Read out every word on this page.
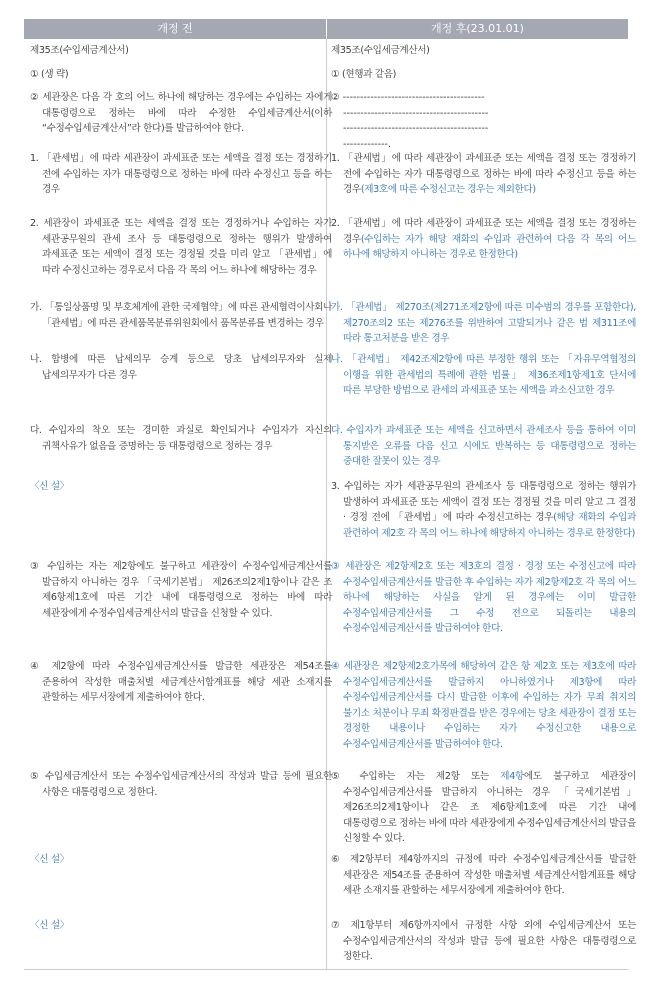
개정 전	개정 후(23.01.01)
제35조(수입세금계산서)
① (생 략)
② 세관장은 다음 각 호의 어느 하나에 해당하는 경우에는 수입하는 자에게 대통령령으로 정하는 바에 따라 수정한 수입세금계산서(이하 “수정수입세금계산서”라 한다)를 발급하여야 한다.
1. 「관세법」에 따라 세관장이 과세표준 또는 세액을 결정 또는 경정하기 전에 수입하는 자가 대통령령으로 정하는 바에 따라 수정신고 등을 하는 경우
2. 세관장이 과세표준 또는 세액을 결정 또는 경정하거나 수입하는 자가 세관공무원의 관세 조사 등 대통령령으로 정하는 행위가 발생하여 과세표준 또는 세액이 결정 또는 경정될 것을 미리 알고 「관세법」에 따라 수정신고하는 경우로서 다음 각 목의 어느 하나에 해당하는 경우
가. 「통일상품명 및 부호체계에 관한 국제협약」에 따른 관세협력이사회나 「관세법」에 따른 관세품목분류위원회에서 품목분류를 변경하는 경우
나. 합병에 따른 납세의무 승계 등으로 당초 납세의무자와 실제 납세의무자가 다른 경우
다. 수입자의 착오 또는 경미한 과실로 확인되거나 수입자가 자신의 귀책사유가 없음을 증명하는 등 대통령령으로 정하는 경우
〈신 설〉
③ 수입하는 자는 제2항에도 불구하고 세관장이 수정수입세금계산서를 발급하지 아니하는 경우 「국세기본법」 제26조의2제1항이나 같은 조 제6항제1호에 따른 기간 내에 대통령령으로 정하는 바에 따라 세관장에게 수정수입세금계산서의 발급을 신청할 수 있다.
④ 제2항에 따라 수정수입세금계산서를 발급한 세관장은 제54조를 준용하여 작성한 매출처별 세금계산서합계표를 해당 세관 소재지를 관할하는 세무서장에게 제출하여야 한다.
⑤ 수입세금계산서 또는 수정수입세금계산서의 작성과 발급 등에 필요한 사항은 대통령령으로 정한다.
〈신 설〉
〈신 설〉
제35조(수입세금계산서)
① (현행과 같음)
② -----------------------------------------
------------------------------------------
------------------------------------------
-------------.
1. 「관세법」에 따라 세관장이 과세표준 또는 세액을 결정 또는 경정하기 전에 수입하는 자가 대통령령으로 정하는 바에 따라 수정신고 등을 하는 경우(제3호에 따른 수정신고는 경우는 제외한다)
2. 「관세법」에 따라 세관장이 과세표준 또는 세액을 결정 또는 경정하는 경우(수입하는 자가 해당 재화의 수입과 관련하여 다음 각 목의 어느 하나에 해당하지 아니하는 경우로 한정한다)
가. 「관세법」 제270조(제271조제2항에 따른 미수범의 경우를 포함한다), 제270조의2 또는 제276조를 위반하여 고발되거나 같은 법 제311조에 따라 통고처분을 받은 경우
나. 「관세법」 제42조제2항에 따른 부정한 행위 또는 「자유무역협정의 이행을 위한 관세법의 특례에 관한 법률」 제36조제1항제1호 단서에 따른 부당한 방법으로 관세의 과세표준 또는 세액을 과소신고한 경우
다. 수입자가 과세표준 또는 세액을 신고하면서 관세조사 등을 통하여 이미 통지받은 오류를 다음 신고 시에도 반복하는 등 대통령령으로 정하는 중대한 잘못이 있는 경우
3. 수입하는 자가 세관공무원의 관세조사 등 대통령령으로 정하는 행위가 발생하여 과세표준 또는 세액이 결정 또는 경정될 것을 미리 알고 그 결정 · 경정 전에 「관세법」에 따라 수정신고하는 경우(해당 재화의 수입과 관련하여 제2호 각 목의 어느 하나에 해당하지 아니하는 경우로 한정한다)
③ 세관장은 제2항제2호 또는 제3호의 결정 · 경정 또는 수정신고에 따라 수정수입세금계산서를 발급한 후 수입하는 자가 제2항제2호 각 목의 어느 하나에 해당하는 사실을 알게 된 경우에는 이미 발급한 수정수입세금계산서를 그 수정 전으로 되돌리는 내용의 수정수입세금계산서를 발급하여야 한다.
④ 세관장은 제2항제2호가목에 해당하여 같은 항 제2호 또는 제3호에 따라 수정수입세금계산서를 발급하지 아니하였거나 제3항에 따라 수정수입세금계산서를 다시 발급한 이후에 수입하는 자가 무죄 취지의 불기소 처분이나 무죄 확정판결을 받은 경우에는 당초 세관장이 결정 또는 경정한 내용이나 수입하는 자가 수정신고한 내용으로 수정수입세금계산서를 발급하여야 한다.
⑤ 수입하는 자는 제2항 또는 제4항에도 불구하고 세관장이 수정수입세금계산서를 발급하지 아니하는 경우 「국세기본법」 제26조의2제1항이나 같은 조 제6항제1호에 따른 기간 내에 대통령령으로 정하는 바에 따라 세관장에게 수정수입세금계산서의 발급을 신청할 수 있다.
⑥ 제2항부터 제4항까지의 규정에 따라 수정수입세금계산서를 발급한 세관장은 제54조를 준용하여 작성한 매출처별 세금계산서합계표를 해당 세관 소재지를 관할하는 세무서장에게 제출하여야 한다.
⑦ 제1항부터 제6항까지에서 규정한 사항 외에 수입세금계산서 또는 수정수입세금계산서의 작성과 발급 등에 필요한 사항은 대통령령으로 정한다.
